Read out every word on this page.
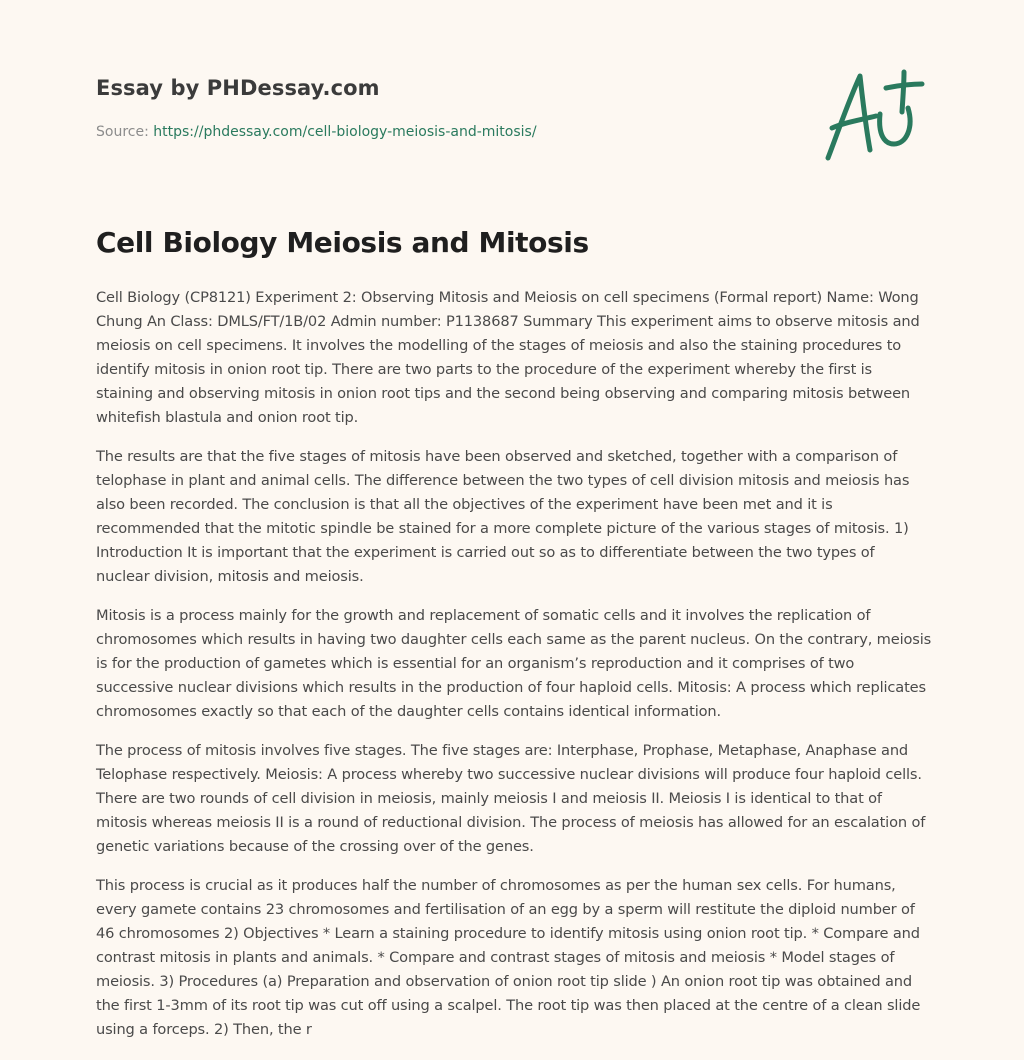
Essay by PHDessay.com

Source: https://phdessay.com/cell-biology-meiosis-and-mitosis/

Cell Biology Meiosis and Mitosis

Cell Biology (CP8121) Experiment 2: Observing Mitosis and Meiosis on cell specimens (Formal report) Name: Wong Chung An Class: DMLS/FT/1B/02 Admin number: P1138687 Summary This experiment aims to observe mitosis and meiosis on cell specimens. It involves the modelling of the stages of meiosis and also the staining procedures to identify mitosis in onion root tip. There are two parts to the procedure of the experiment whereby the first is staining and observing mitosis in onion root tips and the second being observing and comparing mitosis between whitefish blastula and onion root tip.

The results are that the five stages of mitosis have been observed and sketched, together with a comparison of telophase in plant and animal cells. The difference between the two types of cell division mitosis and meiosis has also been recorded. The conclusion is that all the objectives of the experiment have been met and it is recommended that the mitotic spindle be stained for a more complete picture of the various stages of mitosis. 1) Introduction It is important that the experiment is carried out so as to differentiate between the two types of nuclear division, mitosis and meiosis.

Mitosis is a process mainly for the growth and replacement of somatic cells and it involves the replication of chromosomes which results in having two daughter cells each same as the parent nucleus. On the contrary, meiosis is for the production of gametes which is essential for an organism’s reproduction and it comprises of two successive nuclear divisions which results in the production of four haploid cells. Mitosis: A process which replicates chromosomes exactly so that each of the daughter cells contains identical information.

The process of mitosis involves five stages. The five stages are: Interphase, Prophase, Metaphase, Anaphase and Telophase respectively. Meiosis: A process whereby two successive nuclear divisions will produce four haploid cells. There are two rounds of cell division in meiosis, mainly meiosis I and meiosis II. Meiosis I is identical to that of mitosis whereas meiosis II is a round of reductional division. The process of meiosis has allowed for an escalation of genetic variations because of the crossing over of the genes.

This process is crucial as it produces half the number of chromosomes as per the human sex cells. For humans, every gamete contains 23 chromosomes and fertilisation of an egg by a sperm will restitute the diploid number of 46 chromosomes 2) Objectives * Learn a staining procedure to identify mitosis using onion root tip. * Compare and contrast mitosis in plants and animals. * Compare and contrast stages of mitosis and meiosis * Model stages of meiosis. 3) Procedures (a) Preparation and observation of onion root tip slide ) An onion root tip was obtained and the first 1-3mm of its root tip was cut off using a scalpel. The root tip was then placed at the centre of a clean slide using a forceps. 2) Then, the r
